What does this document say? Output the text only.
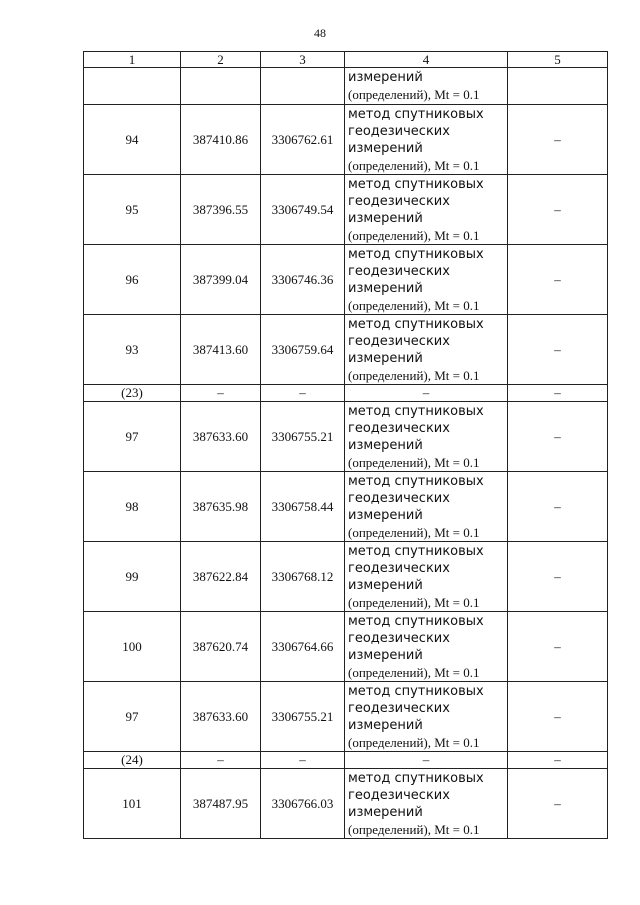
48
1	2	3	4	5

			измерений
(определений), Mt = 0.1	

94	387410.86	3306762.61	метод спутниковых
геодезических
измерений
(определений), Mt = 0.1	–
95	387396.55	3306749.54	метод спутниковых
геодезических
измерений
(определений), Mt = 0.1	–
96	387399.04	3306746.36	метод спутниковых
геодезических
измерений
(определений), Mt = 0.1	–
93	387413.60	3306759.64	метод спутниковых
геодезических
измерений
(определений), Mt = 0.1	–
(23)	–	–	–	–
97	387633.60	3306755.21	метод спутниковых
геодезических
измерений
(определений), Mt = 0.1	–
98	387635.98	3306758.44	метод спутниковых
геодезических
измерений
(определений), Mt = 0.1	–
99	387622.84	3306768.12	метод спутниковых
геодезических
измерений
(определений), Mt = 0.1	–
100	387620.74	3306764.66	метод спутниковых
геодезических
измерений
(определений), Mt = 0.1	–
97	387633.60	3306755.21	метод спутниковых
геодезических
измерений
(определений), Mt = 0.1	–
(24)	–	–	–	–
101	387487.95	3306766.03	метод спутниковых
геодезических
измерений
(определений), Mt = 0.1	–
